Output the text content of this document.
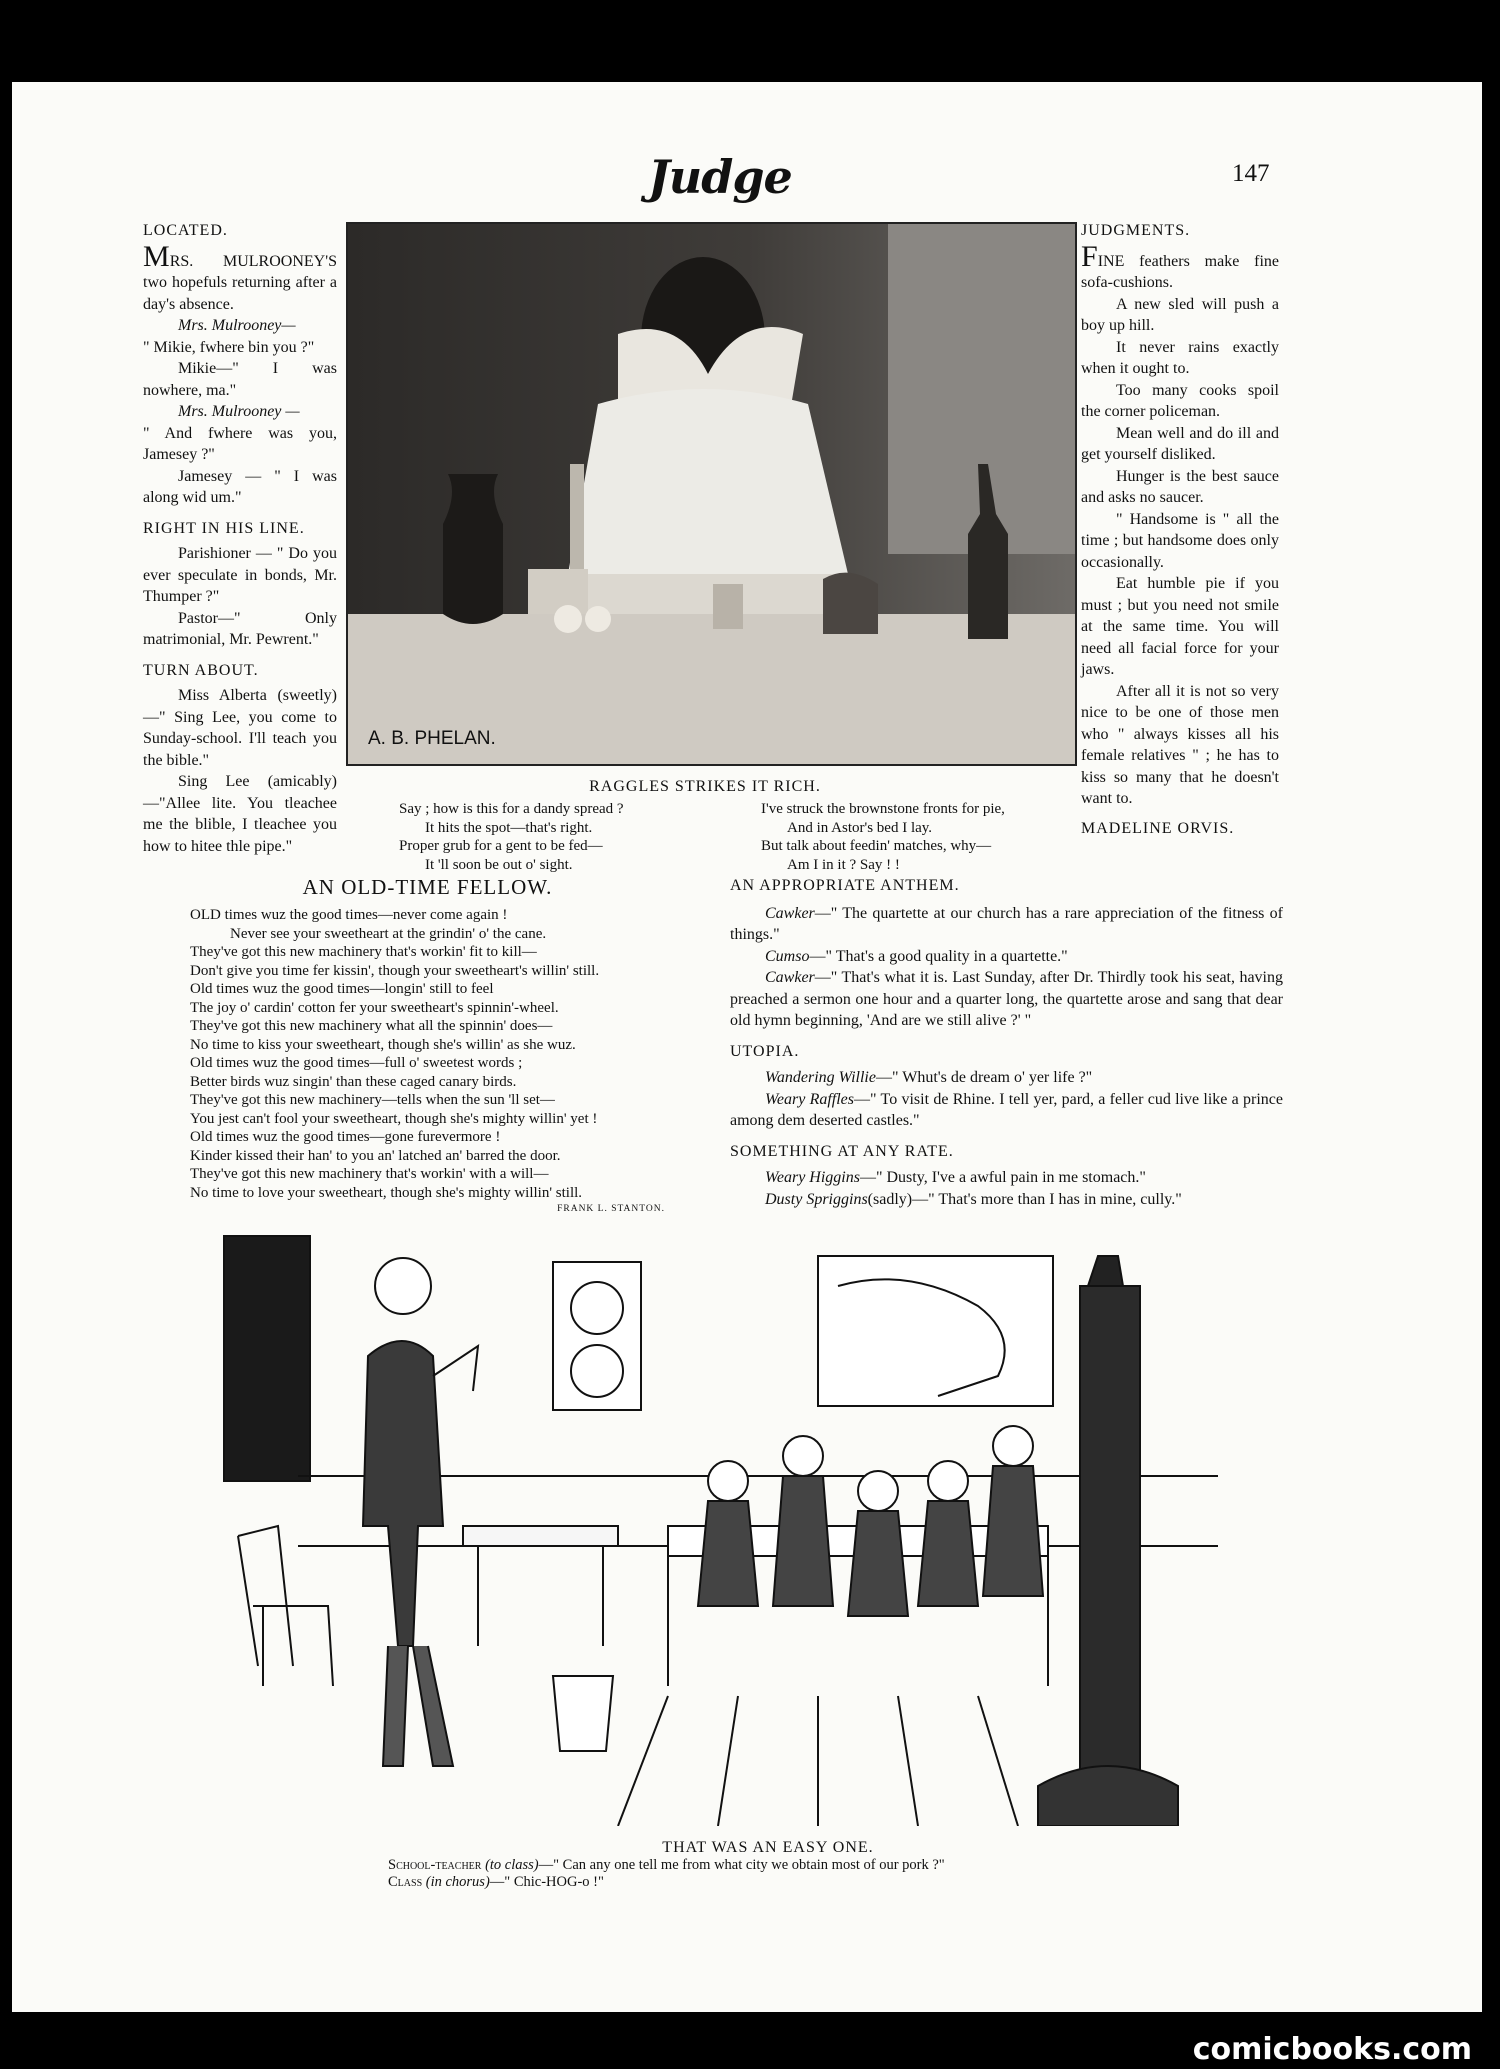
Judge	147

LOCATED.

MRS. MULROONEY'S two hopefuls returning after a day's absence.

Mrs. Mulrooney—

" Mikie, fwhere bin you ?"

Mikie—" I was nowhere, ma."

Mrs. Mulrooney —

" And fwhere was you, Jamesey ?"

Jamesey — " I was along wid um."

RIGHT IN HIS LINE.

Parishioner — " Do you ever speculate in bonds, Mr. Thumper ?"

Pastor—" Only matrimonial, Mr. Pewrent."

TURN ABOUT.

Miss Alberta (sweetly)—" Sing Lee, you come to Sunday-school. I'll teach you the bible."

Sing Lee (amicably) —"Allee lite. You tleachee me the blible, I tleachee you how to hitee thle pipe."

A. B. PHELAN.

JUDGMENTS.

FINE feathers make fine sofa-cushions.

A new sled will push a boy up hill.

It never rains exactly when it ought to.

Too many cooks spoil the corner policeman.

Mean well and do ill and get yourself disliked.

Hunger is the best sauce and asks no saucer.

" Handsome is " all the time ; but handsome does only occasionally.

Eat humble pie if you must ; but you need not smile at the same time. You will need all facial force for your jaws.

After all it is not so very nice to be one of those men who " always kisses all his female relatives " ; he has to kiss so many that he doesn't want to.

MADELINE ORVIS.

RAGGLES STRIKES IT RICH.

Say ; how is this for a dandy spread ?

It hits the spot—that's right.

Proper grub for a gent to be fed—

It 'll soon be out o' sight.

I've struck the brownstone fronts for pie,

And in Astor's bed I lay.

But talk about feedin' matches, why—

Am I in it ? Say ! !

AN OLD-TIME FELLOW.

OLD times wuz the good times—never come again !

Never see your sweetheart at the grindin' o' the cane.

They've got this new machinery that's workin' fit to kill—

Don't give you time fer kissin', though your sweetheart's willin' still.

Old times wuz the good times—longin' still to feel

The joy o' cardin' cotton fer your sweetheart's spinnin'-wheel.

They've got this new machinery what all the spinnin' does—

No time to kiss your sweetheart, though she's willin' as she wuz.

Old times wuz the good times—full o' sweetest words ;

Better birds wuz singin' than these caged canary birds.

They've got this new machinery—tells when the sun 'll set—

You jest can't fool your sweetheart, though she's mighty willin' yet !

Old times wuz the good times—gone furevermore !

Kinder kissed their han' to you an' latched an' barred the door.

They've got this new machinery that's workin' with a will—

No time to love your sweetheart, though she's mighty willin' still.

FRANK L. STANTON.

AN APPROPRIATE ANTHEM.

Cawker—" The quartette at our church has a rare appreciation of the fitness of things."

Cumso—" That's a good quality in a quartette."

Cawker—" That's what it is. Last Sunday, after Dr. Thirdly took his seat, having preached a sermon one hour and a quarter long, the quartette arose and sang that dear old hymn beginning, 'And are we still alive ?' "

UTOPIA.

Wandering Willie—" Whut's de dream o' yer life ?"

Weary Raffles—" To visit de Rhine. I tell yer, pard, a feller cud live like a prince among dem deserted castles."

SOMETHING AT ANY RATE.

Weary Higgins—" Dusty, I've a awful pain in me stomach."

Dusty Spriggins(sadly)—" That's more than I has in mine, cully."

THAT WAS AN EASY ONE.
School-teacher (to class)—" Can any one tell me from what city we obtain most of our pork ?"
Class (in chorus)—" Chic-HOG-o !"
comicbooks.com
